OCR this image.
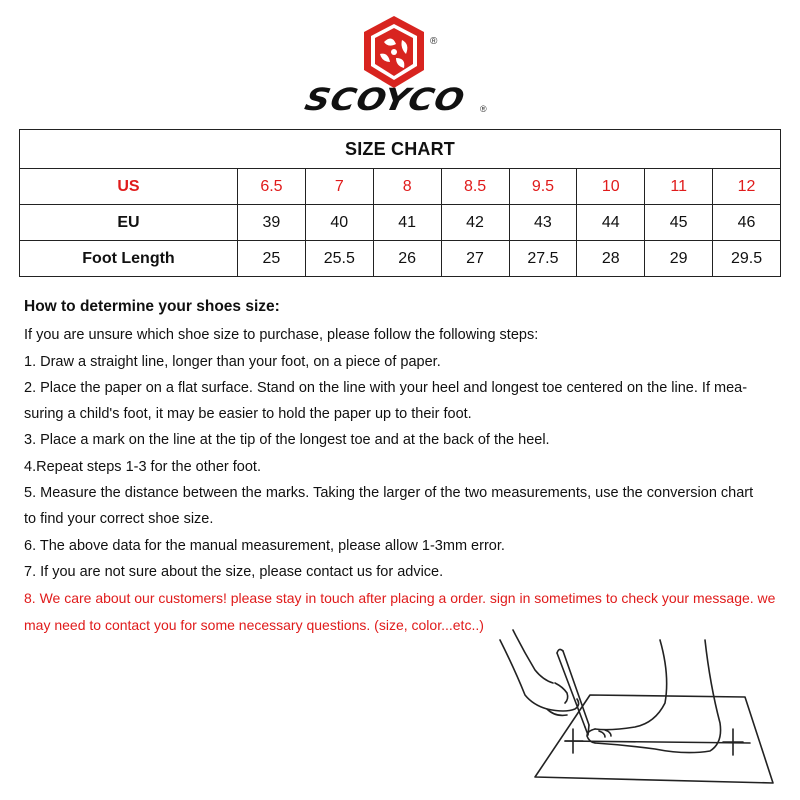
®
SCOYCO	®
SIZE CHART								
US	6.5	7	8	8.5	9.5	10	11	12
EU	39	40	41	42	43	44	45	46
Foot Length	25	25.5	26	27	27.5	28	29	29.5

How to determine your shoes size:

If you are unsure which shoe size to purchase, please follow the following steps:

1. Draw a straight line, longer than your foot, on a piece of paper.

2. Place the paper on a flat surface. Stand on the line with your heel and longest toe centered on the line. If mea-

suring a child's foot, it may be easier to hold the paper up to their foot.

3. Place a mark on the line at the tip of the longest toe and at the back of the heel.

4.Repeat steps 1-3 for the other foot.

5. Measure the distance between the marks. Taking the larger of the two measurements, use the conversion chart

to find your correct shoe size.

6. The above data for the manual measurement, please allow 1-3mm error.

7. If you are not sure about the size, please contact us for advice.

8. We care about our customers! please stay in touch after placing a order. sign in sometimes to check your message. we

may need to contact you for some necessary questions. (size, color...etc..)
